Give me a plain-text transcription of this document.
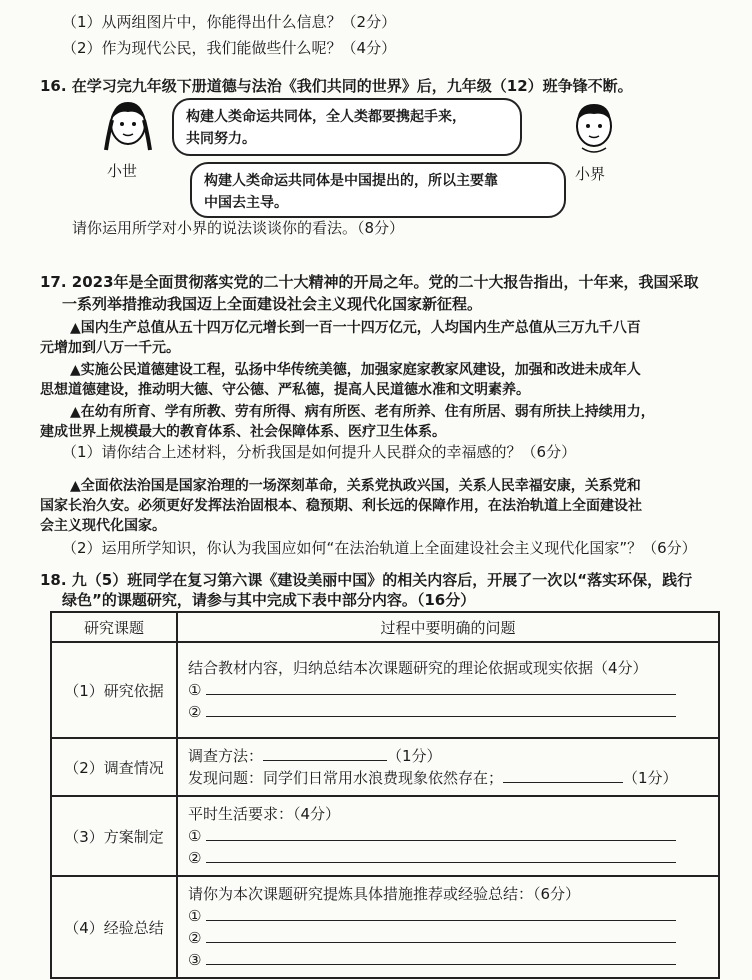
（1）从两组图片中，你能得出什么信息？（2分）
（2）作为现代公民，我们能做些什么呢？（4分）
16. 在学习完九年级下册道德与法治《我们共同的世界》后，九年级（12）班争锋不断。
小世	小界
构建人类命运共同体，全人类都要携起手来，
共同努力。
构建人类命运共同体是中国提出的，所以主要靠
中国去主导。
请你运用所学对小界的说法谈谈你的看法。（8分）
17. 2023年是全面贯彻落实党的二十大精神的开局之年。党的二十大报告指出，十年来，我国采取
一系列举措推动我国迈上全面建设社会主义现代化国家新征程。
▲国内生产总值从五十四万亿元增长到一百一十四万亿元，人均国内生产总值从三万九千八百
元增加到八万一千元。
▲实施公民道德建设工程，弘扬中华传统美德，加强家庭家教家风建设，加强和改进未成年人
思想道德建设，推动明大德、守公德、严私德，提高人民道德水准和文明素养。
▲在幼有所育、学有所教、劳有所得、病有所医、老有所养、住有所居、弱有所扶上持续用力，
建成世界上规模最大的教育体系、社会保障体系、医疗卫生体系。
（1）请你结合上述材料，分析我国是如何提升人民群众的幸福感的？（6分）
▲全面依法治国是国家治理的一场深刻革命，关系党执政兴国，关系人民幸福安康，关系党和
国家长治久安。必须更好发挥法治固根本、稳预期、利长远的保障作用，在法治轨道上全面建设社
会主义现代化国家。
（2）运用所学知识，你认为我国应如何“在法治轨道上全面建设社会主义现代化国家”？（6分）
18. 九（5）班同学在复习第六课《建设美丽中国》的相关内容后，开展了一次以“落实环保，践行
绿色”的课题研究，请参与其中完成下表中部分内容。（16分）
研究课题	过程中要明确的问题
（1）研究依据	结合教材内容，归纳总结本次课题研究的理论依据或现实依据（4分）
①
②

（2）调查情况	调查方法： （1分）
发现问题：同学们日常用水浪费现象依然存在； （1分）

（3）方案制定	平时生活要求：（4分）
①
②

（4）经验总结	请你为本次课题研究提炼具体措施推荐或经验总结：（6分）
①
②
③
